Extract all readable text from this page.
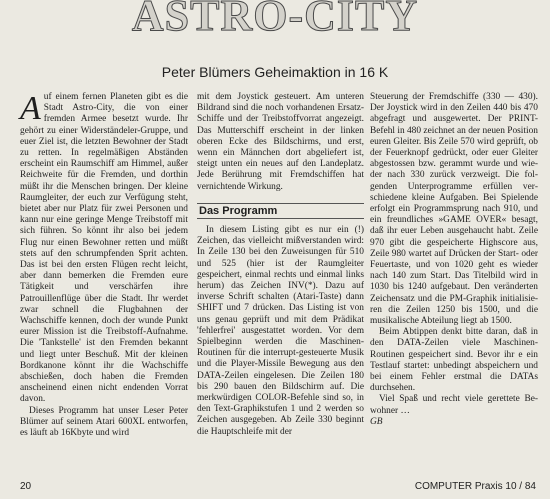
ASTRO-CITY
Peter Blümers Geheimaktion in 16 K

Auf einem fernen Planeten gibt es die Stadt Astro-City, die von einer fremden Armee besetzt wurde. Ihr gehört zu einer Widerständeler-Gruppe, und euer Ziel ist, die letzten Bewohner der Stadt zu retten. In regelmäßigen Abständen erscheint ein Raumschiff am Himmel, außer Reichweite für die Fremden, und dorthin müßt ihr die Menschen bringen. Der kleine Raumgleiter, der euch zur Verfügung steht, bietet aber nur Platz für zwei Personen und kann nur eine geringe Menge Treibstoff mit sich führen. So könnt ihr also bei jedem Flug nur einen Bewohner retten und müßt stets auf den schrumpfenden Sprit achten. Das ist bei den ersten Flügen recht leicht, aber dann bemerken die Fremden eure Tätigkeit und verschärfen ihre Patrouillenflüge über die Stadt. Ihr werdet zwar schnell die Flugbahnen der Wachschiffe kennen, doch der wunde Punkt eurer Mission ist die Treibstoff-Aufnahme. Die 'Tankstelle' ist den Fremden bekannt und liegt unter Beschuß. Mit der kleinen Bordkanone könnt ihr die Wachschiffe abschießen, doch haben die Fremden anscheinend einen nicht endenden Vorrat davon.

Dieses Programm hat unser Leser Peter Blümer auf seinem Atari 600XL entworfen, es läuft ab 16Kbyte und wird

mit dem Joystick gesteuert. Am unteren Bildrand sind die noch vorhandenen Ersatz-Schiffe und der Treibstoffvorrat angezeigt. Das Mutterschiff erscheint in der linken oberen Ecke des Bildschirms, und erst, wenn ein Männchen dort abgeliefert ist, steigt unten ein neues auf den Landeplatz. Jede Berührung mit Fremdschiffen hat vernichtende Wirkung.

Das Programm

In diesem Listing gibt es nur ein (!) Zeichen, das vielleicht mißverstanden wird: In Zeile 130 bei den Zuweisungen für 510 und 525 (hier ist der Raumgleiter gespeichert, einmal rechts und einmal links herum) das Zeichen INV(*). Dazu auf inverse Schrift schalten (Atari-Taste) dann SHIFT und 7 drücken. Das Listing ist von uns genau geprüft und mit dem Prädikat 'fehlerfrei' ausgestattet worden. Vor dem Spielbeginn werden die Maschinen-Routinen für die interrupt-gesteuerte Musik und die Player-Missile Bewegung aus den DATA-Zeilen eingelesen. Die Zeilen 180 bis 290 bauen den Bildschirm auf. Die merkwürdigen COLOR-Befehle sind so, in den Text-Graphikstufen 1 und 2 werden so Zeichen ausgegeben. Ab Zeile 330 beginnt die Hauptschleife mit der

Steuerung der Fremdschiffe (330 — 430). Der Joystick wird in den Zeilen 440 bis 470 abgefragt und ausgewertet. Der PRINT-Befehl in 480 zeichnet an der neuen Position euren Gleiter. Bis Zeile 570 wird geprüft, ob der Feuerknopf gedrückt, oder euer Gleiter abgestossen bzw. gerammt wurde und wieder nach 330 zurück verzweigt. Die folgenden Unterprogramme erfüllen verschiedene kleine Aufgaben. Bei Spielende erfolgt ein Programmsprung nach 910, und ein freundliches »GAME OVER« besagt, daß ihr euer Leben ausgehaucht habt. Zeile 970 gibt die gespeicherte Highscore aus, Zeile 980 wartet auf Drücken der Start- oder Feuertaste, und von 1020 geht es wieder nach 140 zum Start. Das Titelbild wird in 1030 bis 1240 aufgebaut. Den veränderten Zeichensatz und die PM-Graphik initialisieren die Zeilen 1250 bis 1500, und die musikalische Abteilung liegt ab 1500.

Beim Abtippen denkt bitte daran, daß in den DATA-Zeilen viele Maschinen-Routinen gespeichert sind. Bevor ihr e ein Testlauf startet: unbedingt abspeichern und bei einem Fehler erstmal die DATAs durchsehen.

Viel Spaß und recht viele gerettete Bewohner …

GB

20	COMPUTER Praxis 10 / 84
